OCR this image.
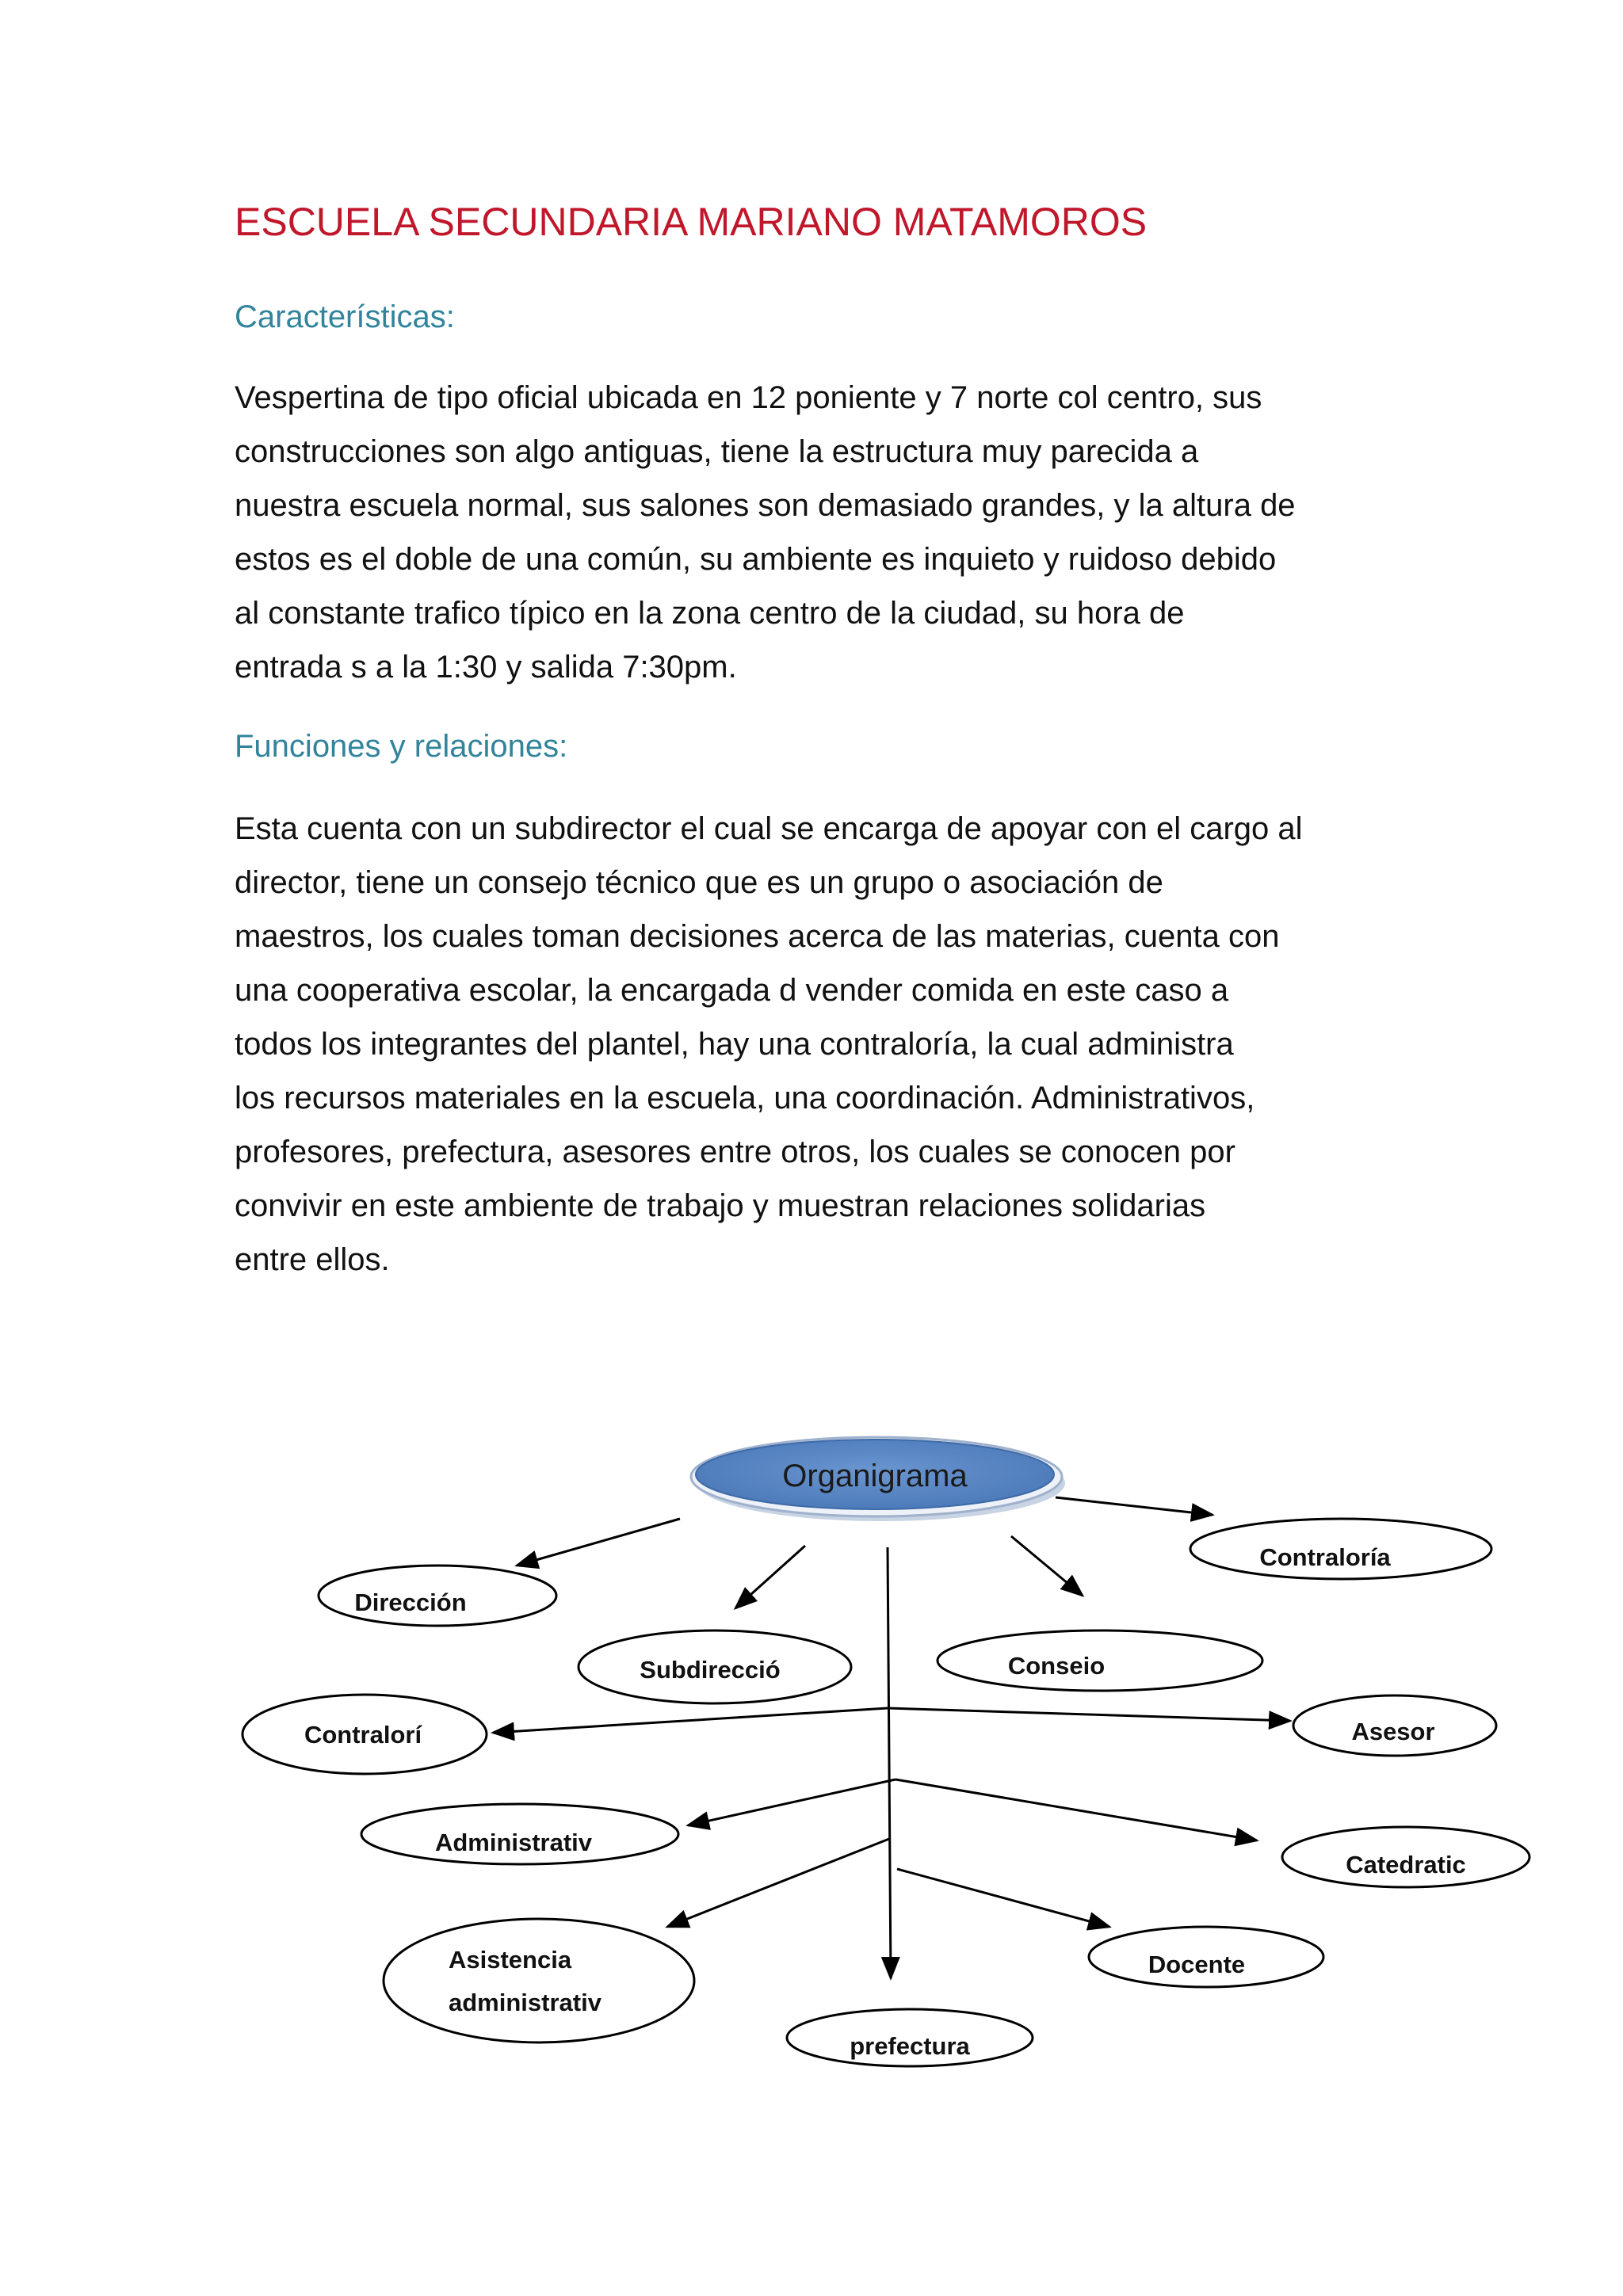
ESCUELA SECUNDARIA MARIANO MATAMOROS
Características:

Vespertina de tipo oficial ubicada en 12 poniente y 7 norte col centro, sus
construcciones son algo antiguas, tiene la estructura muy parecida a
nuestra escuela normal, sus salones son demasiado grandes, y la altura de
estos es el doble de una común, su ambiente es inquieto y ruidoso debido
al constante trafico típico en la zona centro de la ciudad, su hora de
entrada s a la 1:30 y salida 7:30pm.

Funciones y relaciones:

Esta cuenta con un subdirector el cual se encarga de apoyar con el cargo al
director, tiene un consejo técnico que es un grupo o asociación de
maestros, los cuales toman decisiones acerca de las materias, cuenta con
una cooperativa escolar, la encargada d vender comida en este caso a
todos los integrantes del plantel, hay una contraloría, la cual administra
los recursos materiales en la escuela, una coordinación. Administrativos,
profesores, prefectura, asesores entre otros, los cuales se conocen por
convivir en este ambiente de trabajo y muestran relaciones solidarias
entre ellos.

Organigrama
Dirección
Subdirecció	Conseio
Contraloría
Contralorí	Asesor
Administrativ
Catedratic
Asistencia
administrativ
Docente
prefectura
